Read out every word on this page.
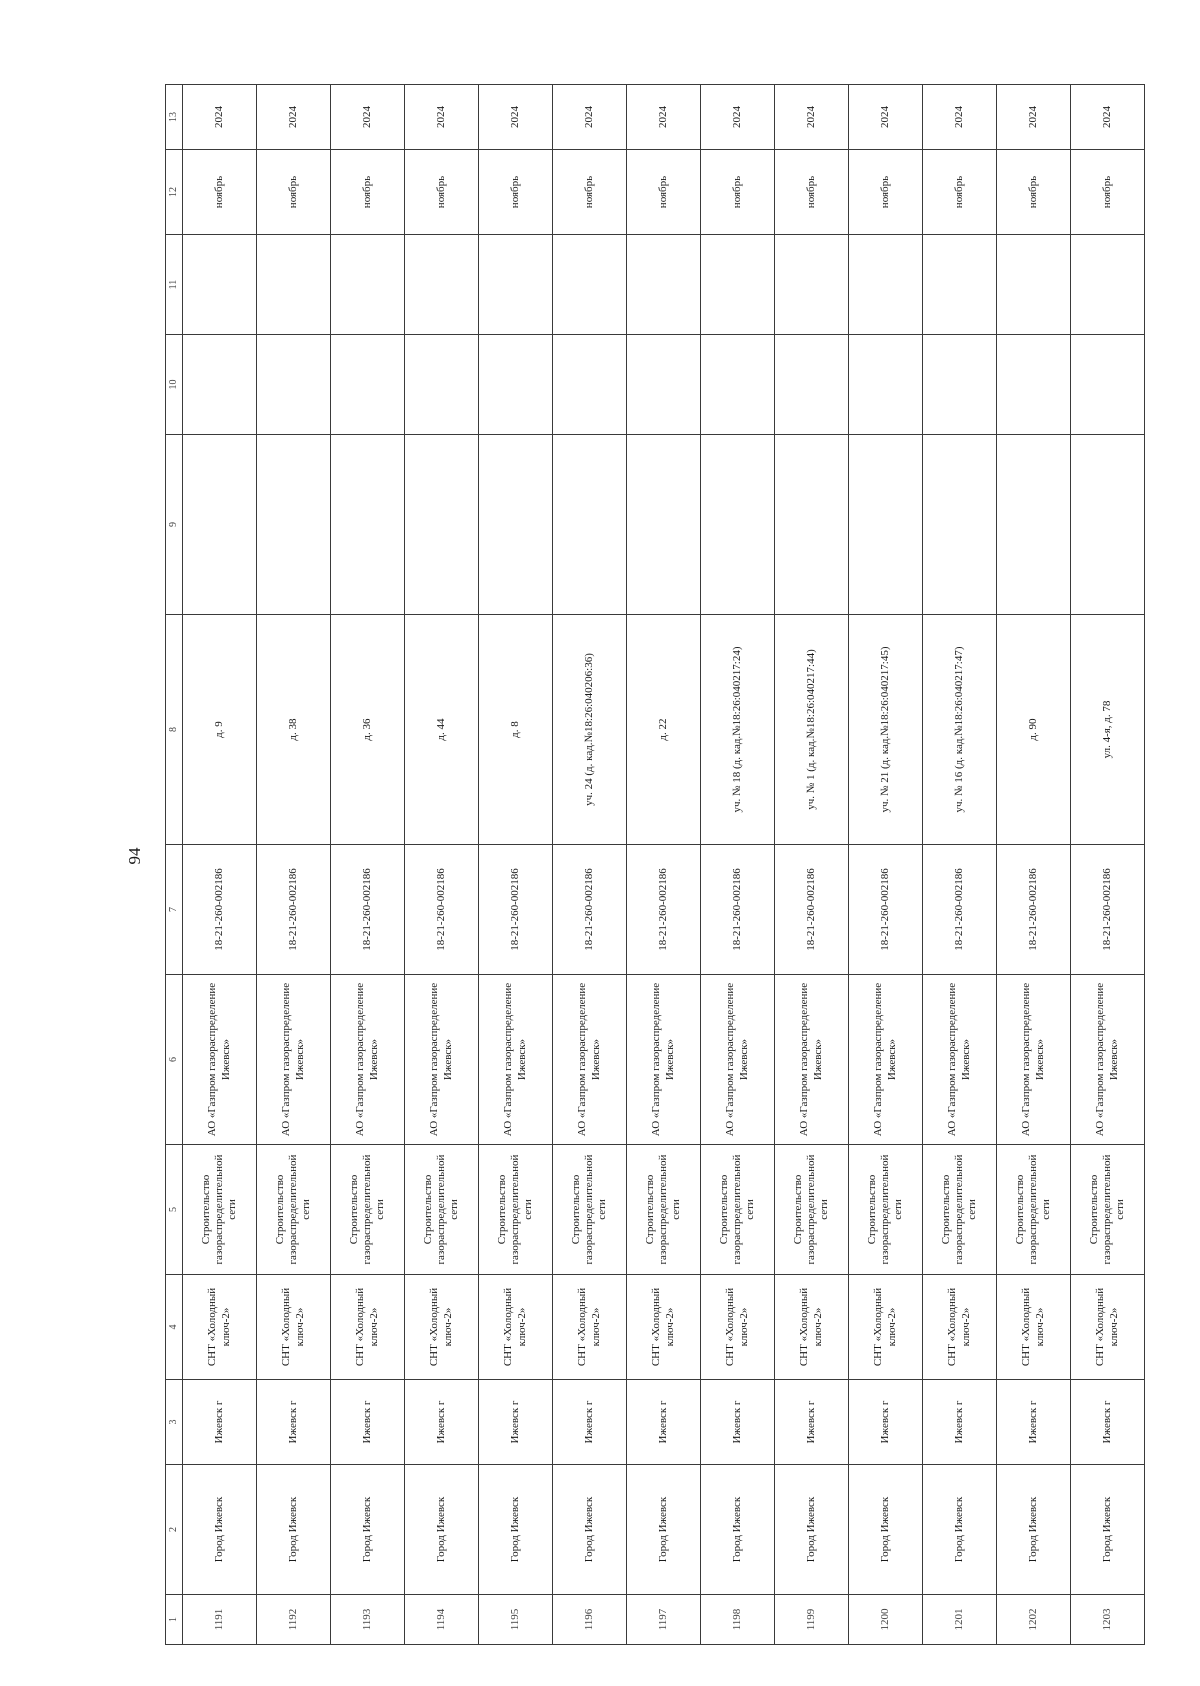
94
1	2	3	4	5	6	7	8	9	10	11	12	13
1191	Город Ижевск	Ижевск г	СНТ «Холодный ключ-2»	Строительство газораспределительной сети	АО «Газпром газораспределение Ижевск»	18-21-260-002186	д. 9				ноябрь	2024
1192	Город Ижевск	Ижевск г	СНТ «Холодный ключ-2»	Строительство газораспределительной сети	АО «Газпром газораспределение Ижевск»	18-21-260-002186	д. 38				ноябрь	2024
1193	Город Ижевск	Ижевск г	СНТ «Холодный ключ-2»	Строительство газораспределительной сети	АО «Газпром газораспределение Ижевск»	18-21-260-002186	д. 36				ноябрь	2024
1194	Город Ижевск	Ижевск г	СНТ «Холодный ключ-2»	Строительство газораспределительной сети	АО «Газпром газораспределение Ижевск»	18-21-260-002186	д. 44				ноябрь	2024
1195	Город Ижевск	Ижевск г	СНТ «Холодный ключ-2»	Строительство газораспределительной сети	АО «Газпром газораспределение Ижевск»	18-21-260-002186	д. 8				ноябрь	2024
1196	Город Ижевск	Ижевск г	СНТ «Холодный ключ-2»	Строительство газораспределительной сети	АО «Газпром газораспределение Ижевск»	18-21-260-002186	уч. 24 (д. кад.№18:26:040206:36)				ноябрь	2024
1197	Город Ижевск	Ижевск г	СНТ «Холодный ключ-2»	Строительство газораспределительной сети	АО «Газпром газораспределение Ижевск»	18-21-260-002186	д. 22				ноябрь	2024
1198	Город Ижевск	Ижевск г	СНТ «Холодный ключ-2»	Строительство газораспределительной сети	АО «Газпром газораспределение Ижевск»	18-21-260-002186	уч. № 18 (д. кад.№18:26:040217:24)				ноябрь	2024
1199	Город Ижевск	Ижевск г	СНТ «Холодный ключ-2»	Строительство газораспределительной сети	АО «Газпром газораспределение Ижевск»	18-21-260-002186	уч. № 1 (д. кад.№18:26:040217:44)				ноябрь	2024
1200	Город Ижевск	Ижевск г	СНТ «Холодный ключ-2»	Строительство газораспределительной сети	АО «Газпром газораспределение Ижевск»	18-21-260-002186	уч. № 21 (д. кад.№18:26:040217:45)				ноябрь	2024
1201	Город Ижевск	Ижевск г	СНТ «Холодный ключ-2»	Строительство газораспределительной сети	АО «Газпром газораспределение Ижевск»	18-21-260-002186	уч. № 16 (д. кад.№18:26:040217:47)				ноябрь	2024
1202	Город Ижевск	Ижевск г	СНТ «Холодный ключ-2»	Строительство газораспределительной сети	АО «Газпром газораспределение Ижевск»	18-21-260-002186	д. 90				ноябрь	2024
1203	Город Ижевск	Ижевск г	СНТ «Холодный ключ-2»	Строительство газораспределительной сети	АО «Газпром газораспределение Ижевск»	18-21-260-002186	ул. 4-я, д. 78				ноябрь	2024
